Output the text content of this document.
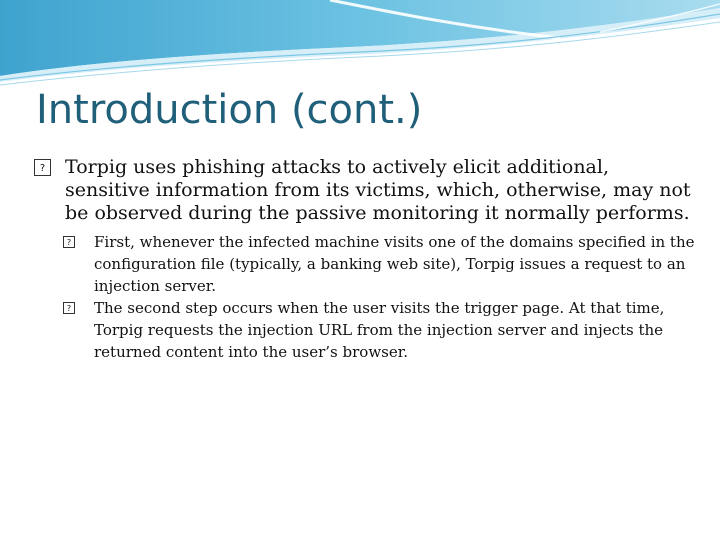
Introduction (cont.)

?	Torpig uses phishing attacks to actively elicit additional, sensitive information from its victims, which, otherwise, may not be observed during the passive monitoring it normally performs.

? First, whenever the infected machine visits one of the domains specified in the configuration file (typically, a banking web site), Torpig issues a request to an injection server.

? The second step occurs when the user visits the trigger page. At that time, Torpig requests the injection URL from the injection server and injects the returned content into the user’s browser.
